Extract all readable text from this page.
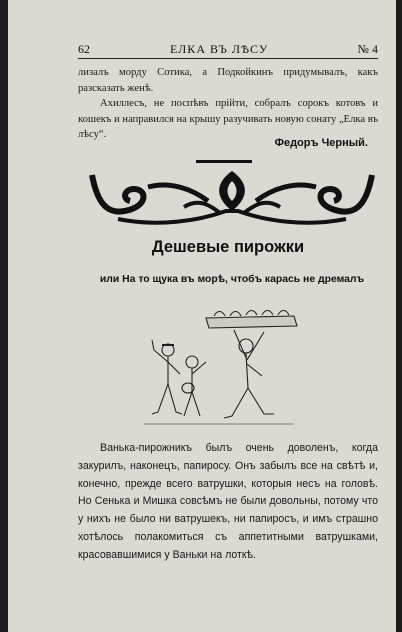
62	ЕЛКА ВЪ ЛѢСУ	№ 4

лизалъ морду Сотика, а Подкойкинъ придумывалъ, какъ разсказать женѣ.

Ахиллесъ, не поспѣвъ прійти, собралъ сорокъ котовъ и кошекъ и направился на крышу разучивать новую сонату „Елка въ лѣсу“.

Федоръ Черный.
Дешевые пирожки
или На то щука въ морѣ, чтобъ карась не дремалъ
Ванька-пирожникъ былъ очень доволенъ, когда закурилъ, наконецъ, папиросу. Онъ забылъ все на свѣтѣ и, конечно, прежде всего ватрушки, которыя несъ на головѣ. Но Сенька и Мишка совсѣмъ не были довольны, потому что у нихъ не было ни ватрушекъ, ни папиросъ, и имъ страшно хотѣлось полакомиться съ аппетитными ватрушками, красовавшимися у Ваньки на лоткѣ.
